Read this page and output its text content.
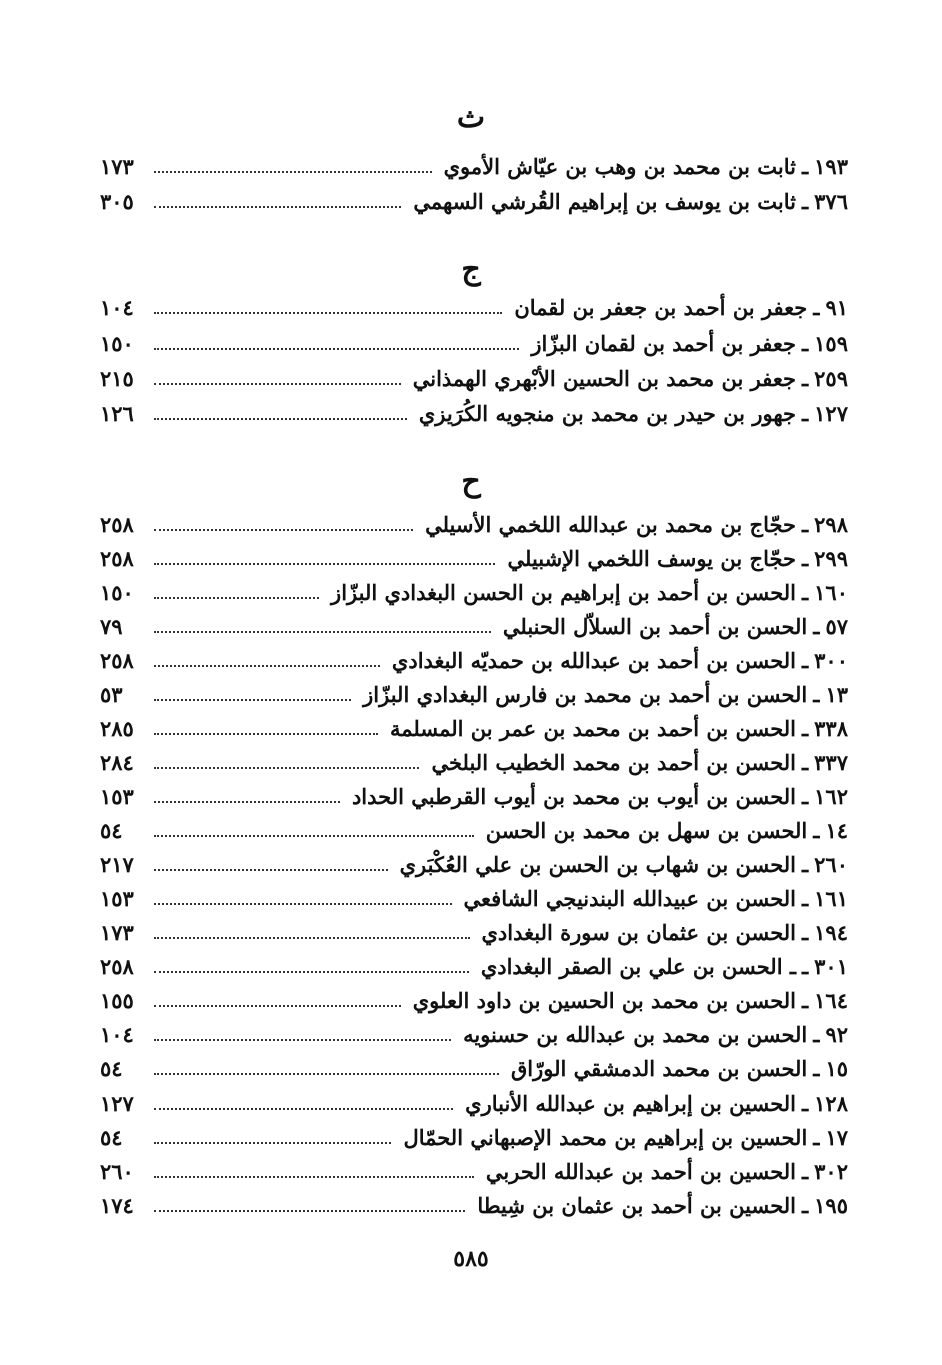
ث
١٩٣
ـ
ثابت بن محمد بن وهب بن عيّاش الأموي
١٧٣
٣٧٦
ـ
ثابت بن يوسف بن إبراهيم القُرشي السهمي
٣٠٥
ج
٩١
ـ
جعفر بن أحمد بن جعفر بن لقمان
١٠٤
١٥٩
ـ
جعفر بن أحمد بن لقمان البزّاز
١٥٠
٢٥٩
ـ
جعفر بن محمد بن الحسين الأبْهري الهمذاني
٢١٥
١٢٧
ـ
جهور بن حيدر بن محمد بن منجويه الكُرَيزي
١٢٦
ح
٢٩٨
ـ
حجّاج بن محمد بن عبدالله اللخمي الأسيلي
٢٥٨
٢٩٩
ـ
حجّاج بن يوسف اللخمي الإشبيلي
٢٥٨
١٦٠
ـ
الحسن بن أحمد بن إبراهيم بن الحسن البغدادي البزّاز
١٥٠
٥٧
ـ
الحسن بن أحمد بن السلاّل الحنبلي
٧٩
٣٠٠
ـ
الحسن بن أحمد بن عبدالله بن حمديّه البغدادي
٢٥٨
١٣
ـ
الحسن بن أحمد بن محمد بن فارس البغدادي البزّاز
٥٣
٣٣٨
ـ
الحسن بن أحمد بن محمد بن عمر بن المسلمة
٢٨٥
٣٣٧
ـ
الحسن بن أحمد بن محمد الخطيب البلخي
٢٨٤
١٦٢
ـ
الحسن بن أيوب بن محمد بن أيوب القرطبي الحداد
١٥٣
١٤
ـ
الحسن بن سهل بن محمد بن الحسن
٥٤
٢٦٠
ـ
الحسن بن شهاب بن الحسن بن علي العُكْبَري
٢١٧
١٦١
ـ
الحسن بن عبيدالله البندنيجي الشافعي
١٥٣
١٩٤
ـ
الحسن بن عثمان بن سورة البغدادي
١٧٣
٣٠١
ـ
ـ الحسن بن علي بن الصقر البغدادي
٢٥٨
١٦٤
ـ
الحسن بن محمد بن الحسين بن داود العلوي
١٥٥
٩٢
ـ
الحسن بن محمد بن عبدالله بن حسنويه
١٠٤
١٥
ـ
الحسن بن محمد الدمشقي الورّاق
٥٤
١٢٨
ـ
الحسين بن إبراهيم بن عبدالله الأنباري
١٢٧
١٧
ـ
الحسين بن إبراهيم بن محمد الإصبهاني الحمّال
٥٤
٣٠٢
ـ
الحسين بن أحمد بن عبدالله الحربي
٢٦٠
١٩٥
ـ
الحسين بن أحمد بن عثمان بن شِيطا
١٧٤
٥٨٥
